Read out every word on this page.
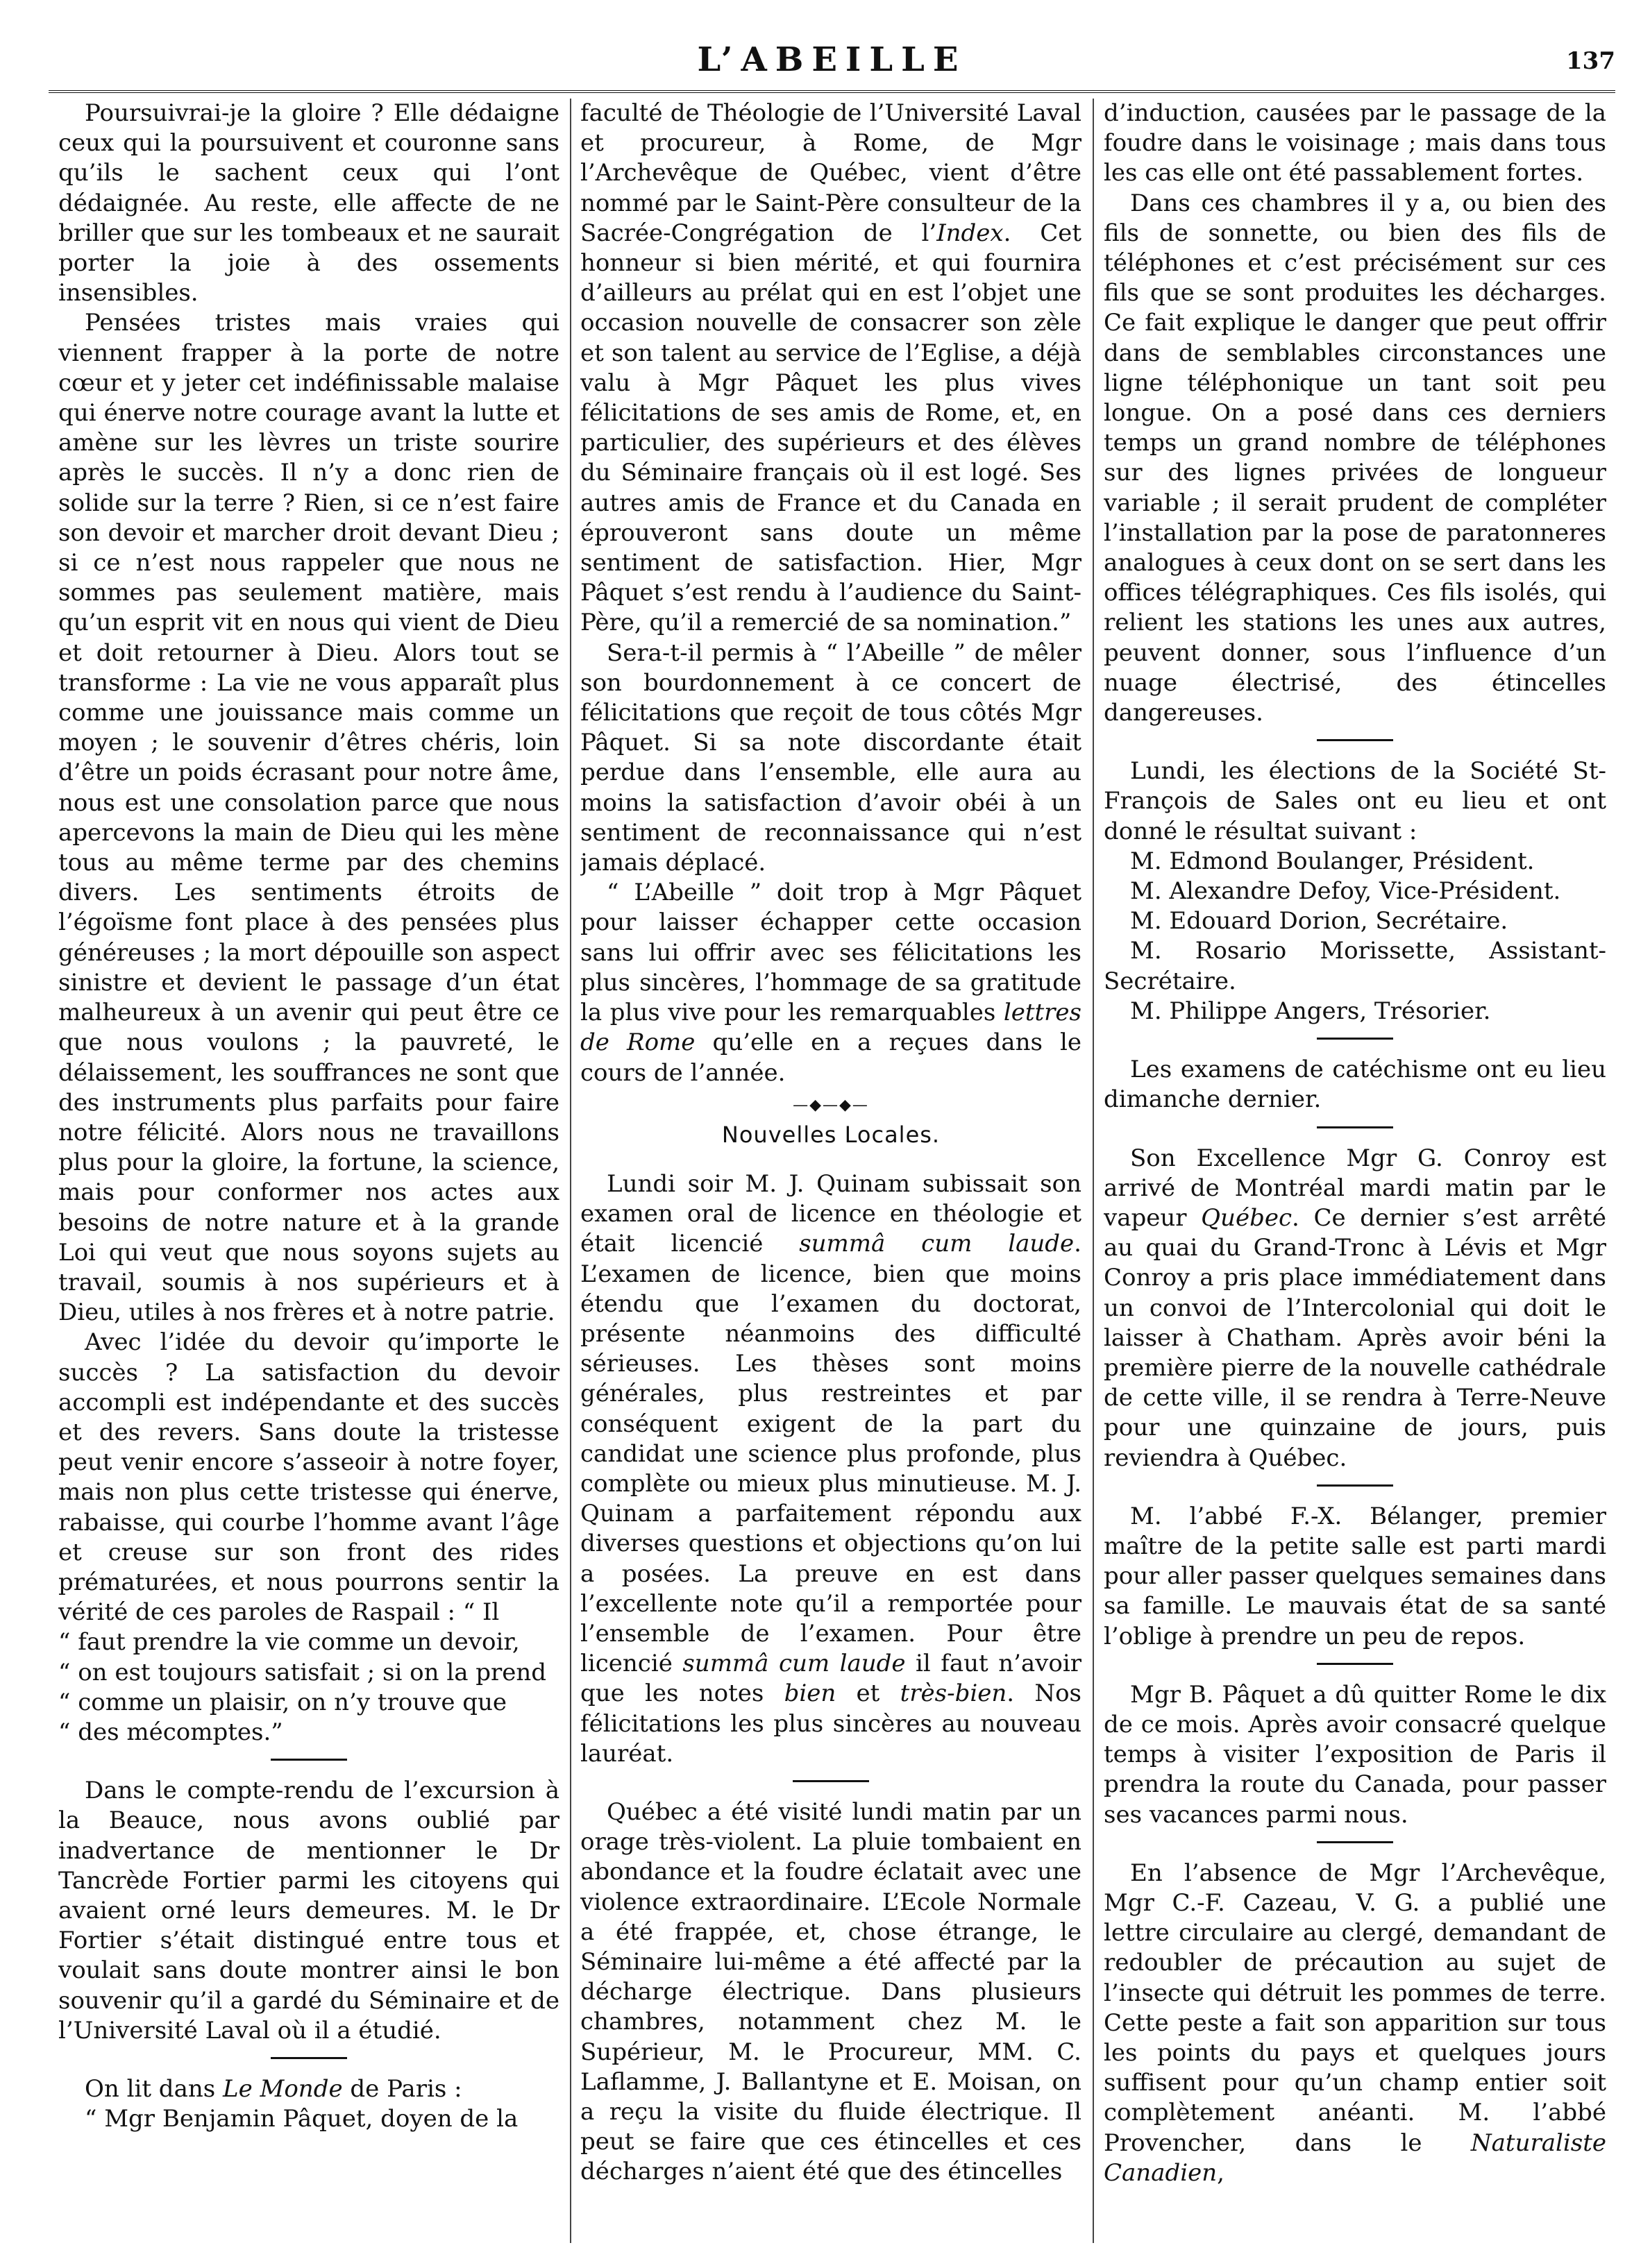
L’ABEILLE	137

Poursuivrai-je la gloire ? Elle dédaigne ceux qui la poursuivent et couronne sans qu’ils le sachent ceux qui l’ont dédaignée. Au reste, elle affecte de ne briller que sur les tombeaux et ne saurait porter la joie à des ossements insensibles.

Pensées tristes mais vraies qui viennent frapper à la porte de notre cœur et y jeter cet indéfinissable malaise qui énerve notre courage avant la lutte et amène sur les lèvres un triste sourire après le succès. Il n’y a donc rien de solide sur la terre ? Rien, si ce n’est faire son devoir et marcher droit devant Dieu ; si ce n’est nous rappeler que nous ne sommes pas seulement matière, mais qu’un esprit vit en nous qui vient de Dieu et doit retourner à Dieu. Alors tout se transforme : La vie ne vous apparaît plus comme une jouissance mais comme un moyen ; le souvenir d’êtres chéris, loin d’être un poids écrasant pour notre âme, nous est une consolation parce que nous apercevons la main de Dieu qui les mène tous au même terme par des chemins divers. Les sentiments étroits de l’égoïsme font place à des pensées plus généreuses ; la mort dépouille son aspect sinistre et devient le passage d’un état malheureux à un avenir qui peut être ce que nous voulons ; la pauvreté, le délaissement, les souffrances ne sont que des instruments plus parfaits pour faire notre félicité. Alors nous ne travaillons plus pour la gloire, la fortune, la science, mais pour conformer nos actes aux besoins de notre nature et à la grande Loi qui veut que nous soyons sujets au travail, soumis à nos supérieurs et à Dieu, utiles à nos frères et à notre patrie.

Avec l’idée du devoir qu’importe le succès ? La satisfaction du devoir accompli est indépendante et des succès et des revers. Sans doute la tristesse peut venir encore s’asseoir à notre foyer, mais non plus cette tristesse qui énerve, rabaisse, qui courbe l’homme avant l’âge et creuse sur son front des rides prématurées, et nous pourrons sentir la vérité de ces paroles de Raspail : “ Il

“ faut prendre la vie comme un devoir,

“ on est toujours satisfait ; si on la prend

“ comme un plaisir, on n’y trouve que

“ des mécomptes.”

Dans le compte-rendu de l’excursion à la Beauce, nous avons oublié par inadvertance de mentionner le Dr Tancrède Fortier parmi les citoyens qui avaient orné leurs demeures. M. le Dr Fortier s’était distingué entre tous et voulait sans doute montrer ainsi le bon souvenir qu’il a gardé du Séminaire et de l’Université Laval où il a étudié.

On lit dans Le Monde de Paris :

“ Mgr Benjamin Pâquet, doyen de la

faculté de Théologie de l’Université Laval et procureur, à Rome, de Mgr l’Archevêque de Québec, vient d’être nommé par le Saint-Père consulteur de la Sacrée-Congrégation de l’Index. Cet honneur si bien mérité, et qui fournira d’ailleurs au prélat qui en est l’objet une occasion nouvelle de consacrer son zèle et son talent au service de l’Eglise, a déjà valu à Mgr Pâquet les plus vives félicitations de ses amis de Rome, et, en particulier, des supérieurs et des élèves du Séminaire français où il est logé. Ses autres amis de France et du Canada en éprouveront sans doute un même sentiment de satisfaction. Hier, Mgr Pâquet s’est rendu à l’audience du Saint-Père, qu’il a remercié de sa nomination.”

Sera-t-il permis à “ l’Abeille ” de mêler son bourdonnement à ce concert de félicitations que reçoit de tous côtés Mgr Pâquet. Si sa note discordante était perdue dans l’ensemble, elle aura au moins la satisfaction d’avoir obéi à un sentiment de reconnaissance qui n’est jamais déplacé.

“ L’Abeille ” doit trop à Mgr Pâquet pour laisser échapper cette occasion sans lui offrir avec ses félicitations les plus sincères, l’hommage de sa gratitude la plus vive pour les remarquables lettres de Rome qu’elle en a reçues dans le cours de l’année.

—◆—◆—
Nouvelles Locales.

Lundi soir M. J. Quinam subissait son examen oral de licence en théologie et était licencié summâ cum laude. L’examen de licence, bien que moins étendu que l’examen du doctorat, présente néanmoins des difficulté sérieuses. Les thèses sont moins générales, plus restreintes et par conséquent exigent de la part du candidat une science plus profonde, plus complète ou mieux plus minutieuse. M. J. Quinam a parfaitement répondu aux diverses questions et objections qu’on lui a posées. La preuve en est dans l’excellente note qu’il a remportée pour l’ensemble de l’examen. Pour être licencié summâ cum laude il faut n’avoir que les notes bien et très-bien. Nos félicitations les plus sincères au nouveau lauréat.

Québec a été visité lundi matin par un orage très-violent. La pluie tombaient en abondance et la foudre éclatait avec une violence extraordinaire. L’Ecole Normale a été frappée, et, chose étrange, le Séminaire lui-même a été affecté par la décharge électrique. Dans plusieurs chambres, notamment chez M. le Supérieur, M. le Procureur, MM. C. Laflamme, J. Ballantyne et E. Moisan, on a reçu la visite du fluide électrique. Il peut se faire que ces étincelles et ces décharges n’aient été que des étincelles

d’induction, causées par le passage de la foudre dans le voisinage ; mais dans tous les cas elle ont été passablement fortes.

Dans ces chambres il y a, ou bien des fils de sonnette, ou bien des fils de téléphones et c’est précisément sur ces fils que se sont produites les décharges. Ce fait explique le danger que peut offrir dans de semblables circonstances une ligne téléphonique un tant soit peu longue. On a posé dans ces derniers temps un grand nombre de téléphones sur des lignes privées de longueur variable ; il serait prudent de compléter l’installation par la pose de paratonneres analogues à ceux dont on se sert dans les offices télégraphiques. Ces fils isolés, qui relient les stations les unes aux autres, peuvent donner, sous l’influence d’un nuage électrisé, des étincelles dangereuses.

Lundi, les élections de la Société St-François de Sales ont eu lieu et ont donné le résultat suivant :

M. Edmond Boulanger, Président.

M. Alexandre Defoy, Vice-Président.

M. Edouard Dorion, Secrétaire.

M. Rosario Morissette, Assistant-Secrétaire.

M. Philippe Angers, Trésorier.

Les examens de catéchisme ont eu lieu dimanche dernier.

Son Excellence Mgr G. Conroy est arrivé de Montréal mardi matin par le vapeur Québec. Ce dernier s’est arrêté au quai du Grand-Tronc à Lévis et Mgr Conroy a pris place immédiatement dans un convoi de l’Intercolonial qui doit le laisser à Chatham. Après avoir béni la première pierre de la nouvelle cathédrale de cette ville, il se rendra à Terre-Neuve pour une quinzaine de jours, puis reviendra à Québec.

M. l’abbé F.-X. Bélanger, premier maître de la petite salle est parti mardi pour aller passer quelques semaines dans sa famille. Le mauvais état de sa santé l’oblige à prendre un peu de repos.

Mgr B. Pâquet a dû quitter Rome le dix de ce mois. Après avoir consacré quelque temps à visiter l’exposition de Paris il prendra la route du Canada, pour passer ses vacances parmi nous.

En l’absence de Mgr l’Archevêque, Mgr C.-F. Cazeau, V. G. a publié une lettre circulaire au clergé, demandant de redoubler de précaution au sujet de l’insecte qui détruit les pommes de terre. Cette peste a fait son apparition sur tous les points du pays et quelques jours suffisent pour qu’un champ entier soit complètement anéanti. M. l’abbé Provencher, dans le Naturaliste Canadien,
